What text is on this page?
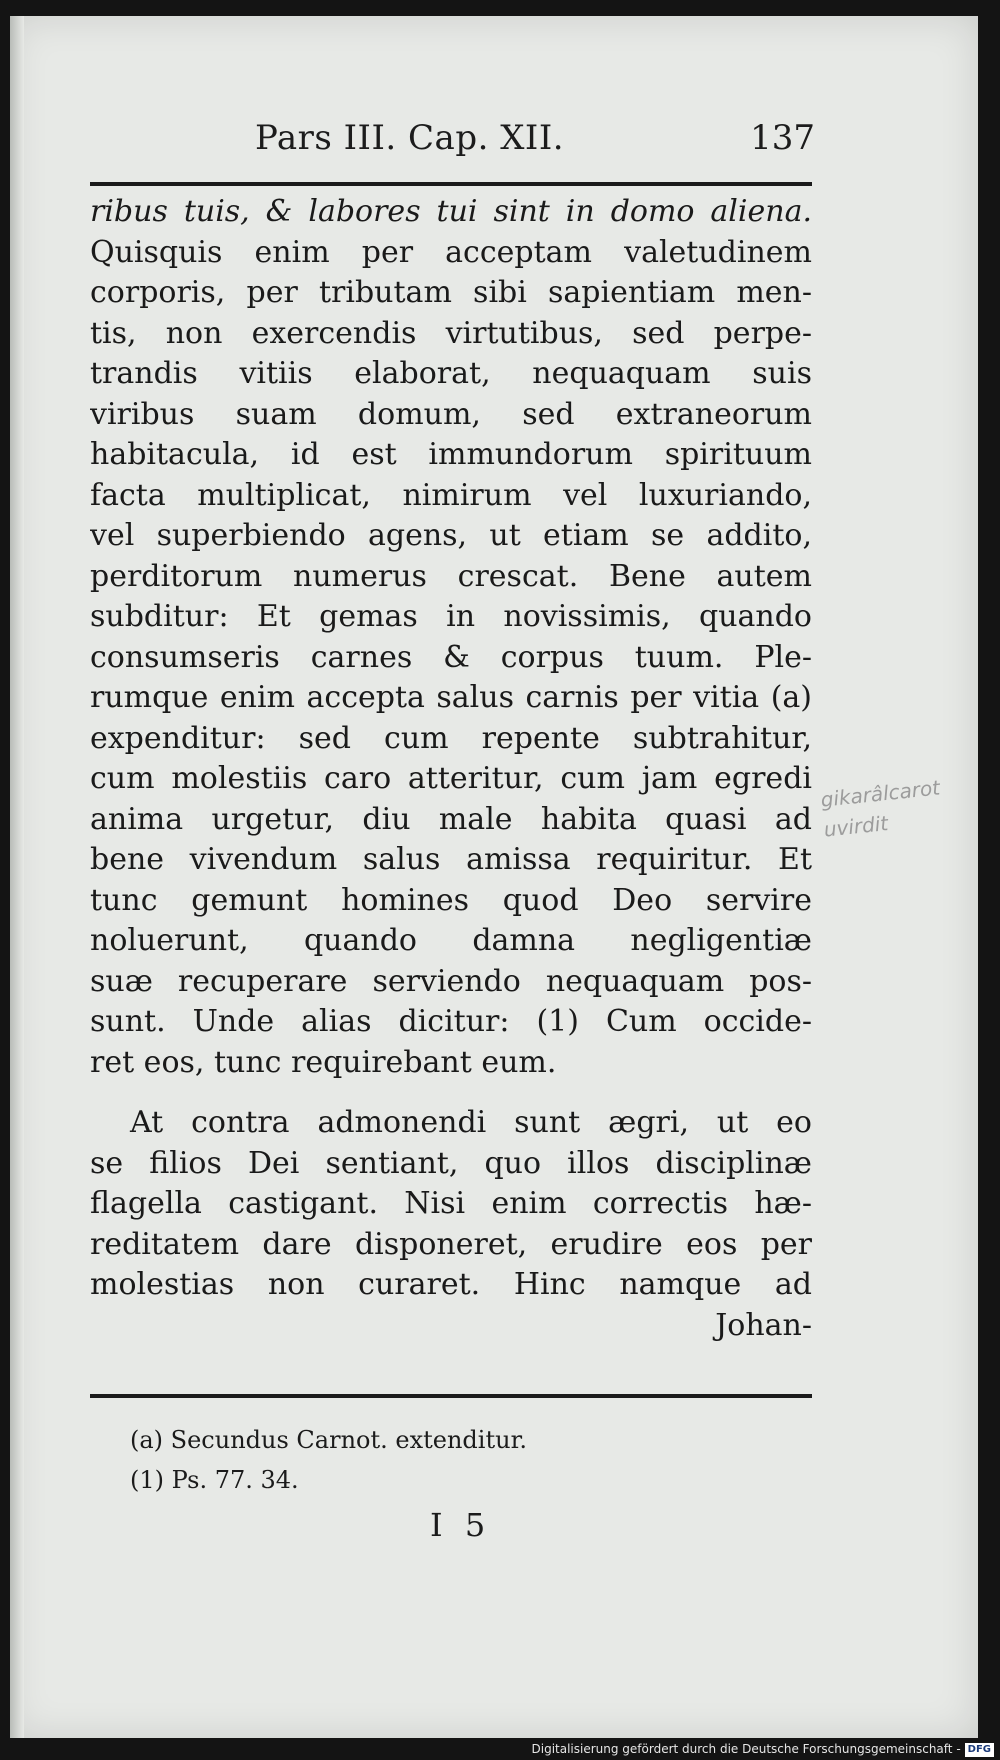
Pars III. Cap. XII.	137
ribus tuis, & labores tui sint in domo aliena.
Quisquis enim per acceptam valetudinem
corporis, per tributam sibi sapientiam men-
tis, non exercendis virtutibus, sed perpe-
trandis vitiis elaborat, nequaquam suis
viribus suam domum, sed extraneorum
habitacula, id est immundorum spirituum
facta multiplicat, nimirum vel luxuriando,
vel superbiendo agens, ut etiam se addito,
perditorum numerus crescat. Bene autem
subditur: Et gemas in novissimis, quando
consumseris carnes & corpus tuum. Ple-
rumque enim accepta salus carnis per vitia (a)
expenditur: sed cum repente subtrahitur,
cum molestiis caro atteritur, cum jam egredi
anima urgetur, diu male habita quasi ad
bene vivendum salus amissa requiritur. Et
tunc gemunt homines quod Deo servire
noluerunt, quando damna negligentiæ
suæ recuperare serviendo nequaquam pos-
sunt. Unde alias dicitur: (1) Cum occide-
ret eos, tunc requirebant eum.
At contra admonendi sunt ægri, ut eo
se filios Dei sentiant, quo illos disciplinæ
flagella castigant. Nisi enim correctis hæ-
reditatem dare disponeret, erudire eos per
molestias non curaret. Hinc namque ad
Johan-
gikarâlcarot uvirdit
(a) Secundus Carnot. extenditur.
(1) Ps. 77. 34.
I 5
Digitalisierung gefördert durch die Deutsche Forschungsgemeinschaft - DFG
